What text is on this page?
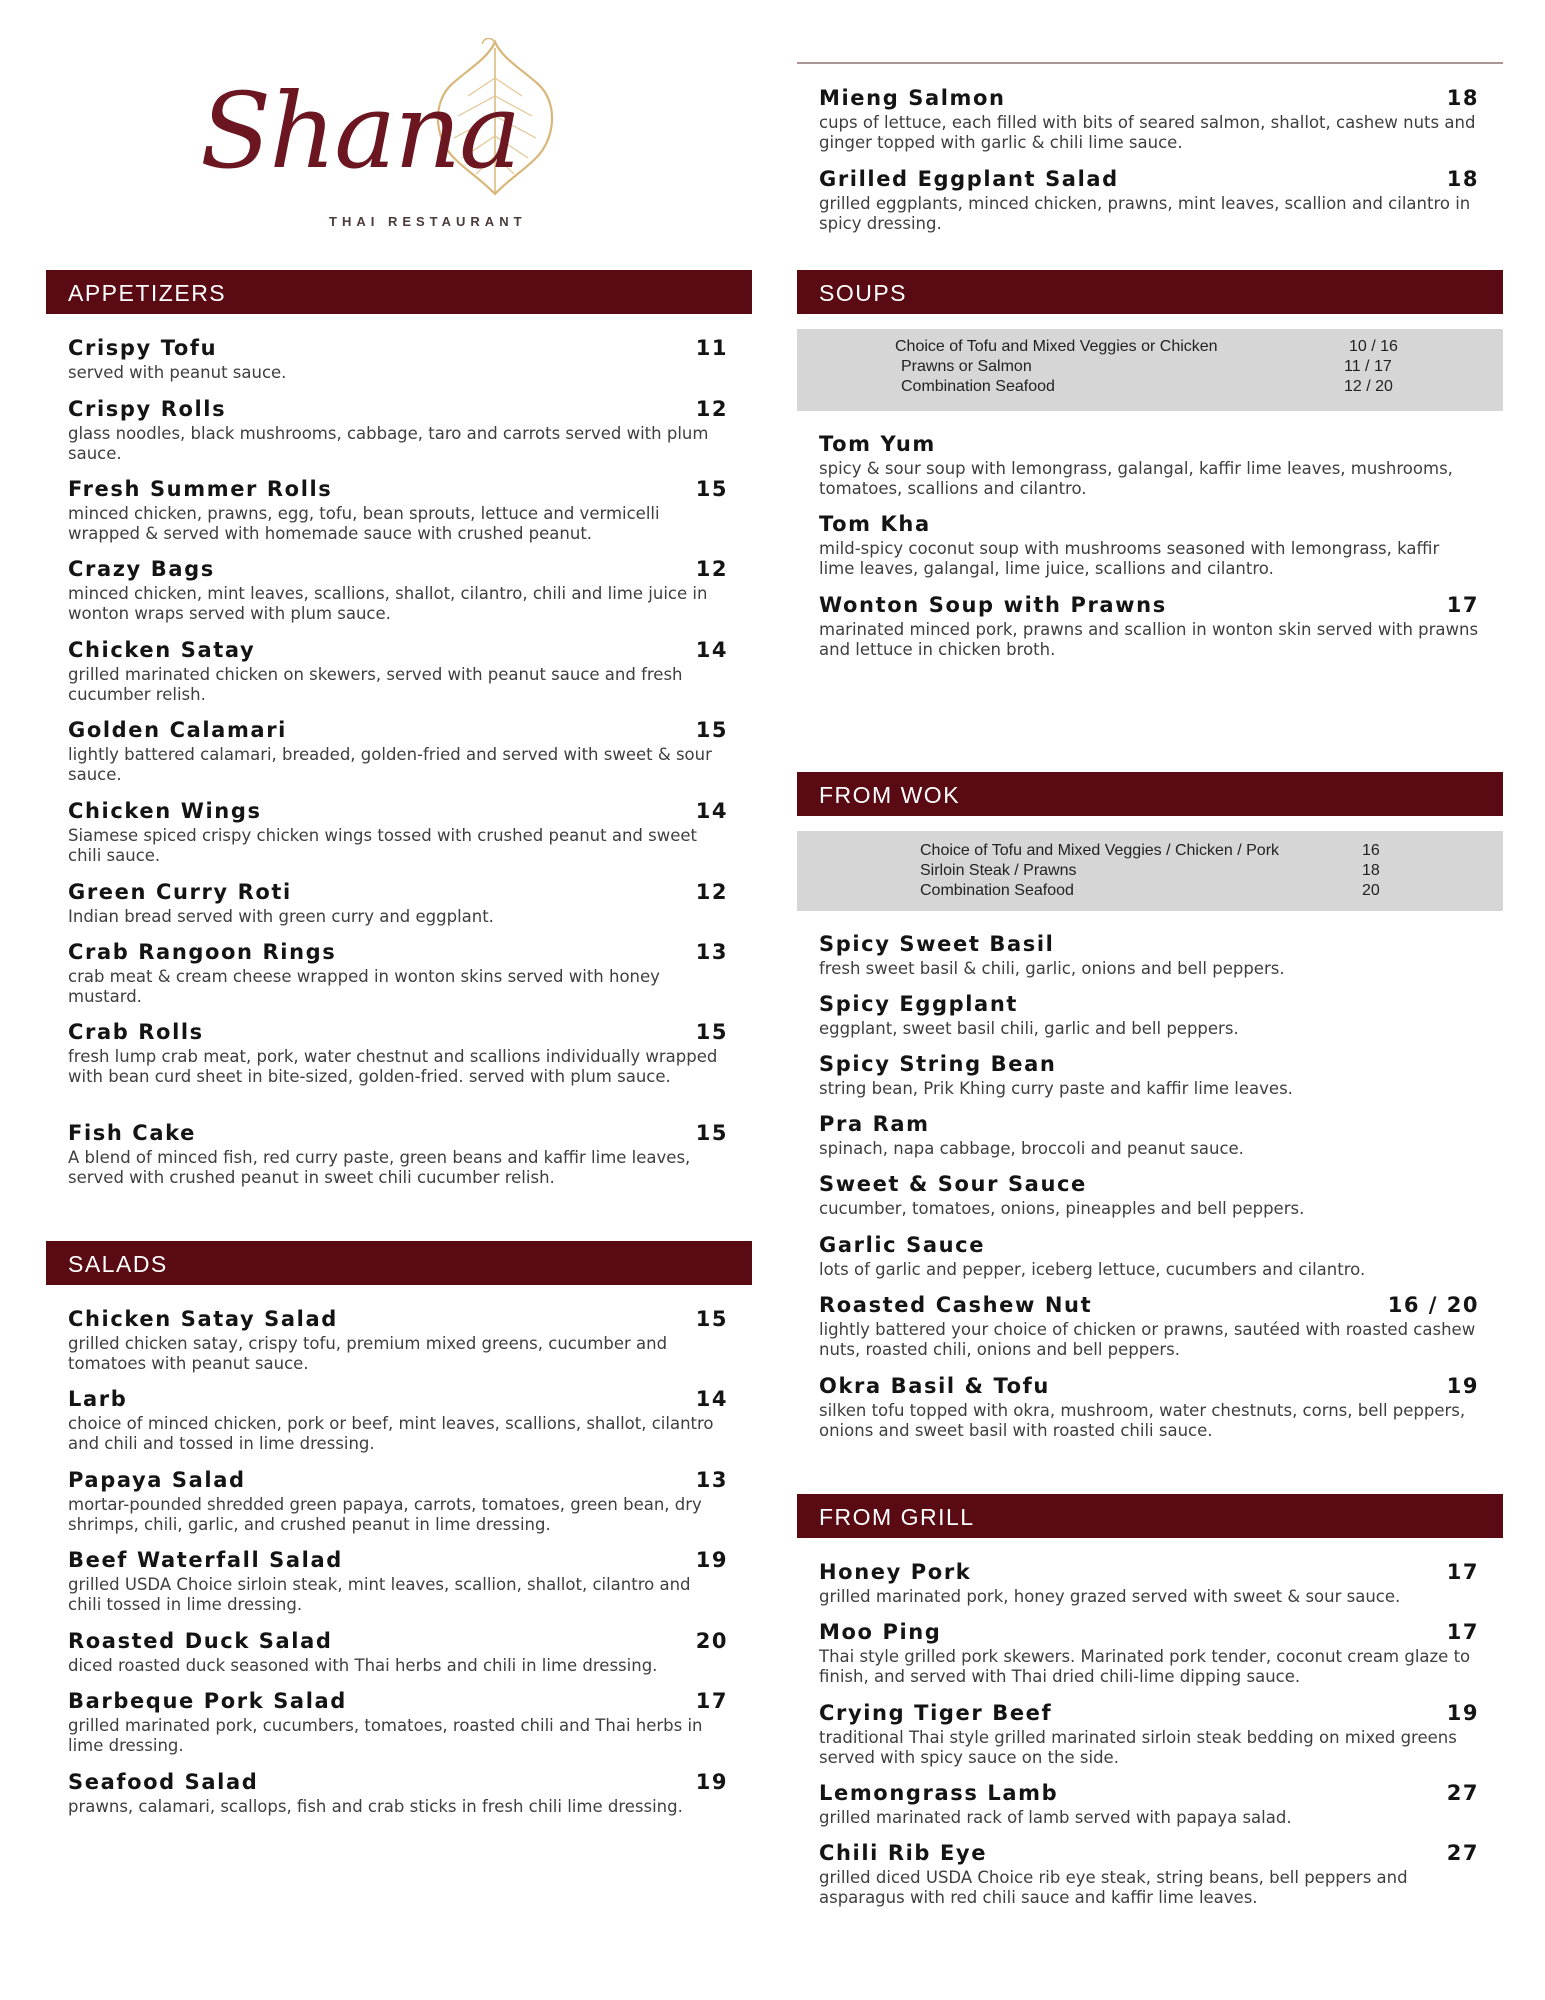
Shana
THAI RESTAURANT
APPETIZERS
Crispy Tofu	11
served with peanut sauce.
Crispy Rolls	12
glass noodles, black mushrooms, cabbage, taro and carrots served with plum sauce.
Fresh Summer Rolls	15
minced chicken, prawns, egg, tofu, bean sprouts, lettuce and vermicelli wrapped & served with homemade sauce with crushed peanut.
Crazy Bags	12
minced chicken, mint leaves, scallions, shallot, cilantro, chili and lime juice in wonton wraps served with plum sauce.
Chicken Satay	14
grilled marinated chicken on skewers, served with peanut sauce and fresh cucumber relish.
Golden Calamari	15
lightly battered calamari, breaded, golden-fried and served with sweet & sour sauce.
Chicken Wings	14
Siamese spiced crispy chicken wings tossed with crushed peanut and sweet chili sauce.
Green Curry Roti	12
Indian bread served with green curry and eggplant.
Crab Rangoon Rings	13
crab meat & cream cheese wrapped in wonton skins served with honey mustard.
Crab Rolls	15
fresh lump crab meat, pork, water chestnut and scallions individually wrapped with bean curd sheet in bite-sized, golden-fried. served with plum sauce.
Fish Cake	15
A blend of minced fish, red curry paste, green beans and kaffir lime leaves, served with crushed peanut in sweet chili cucumber relish.
SALADS
Chicken Satay Salad	15
grilled chicken satay, crispy tofu, premium mixed greens, cucumber and tomatoes with peanut sauce.
Larb	14
choice of minced chicken, pork or beef, mint leaves, scallions, shallot, cilantro and chili and tossed in lime dressing.
Papaya Salad	13
mortar-pounded shredded green papaya, carrots, tomatoes, green bean, dry shrimps, chili, garlic, and crushed peanut in lime dressing.
Beef Waterfall Salad	19
grilled USDA Choice sirloin steak, mint leaves, scallion, shallot, cilantro and chili tossed in lime dressing.
Roasted Duck Salad	20
diced roasted duck seasoned with Thai herbs and chili in lime dressing.
Barbeque Pork Salad	17
grilled marinated pork, cucumbers, tomatoes, roasted chili and Thai herbs in lime dressing.
Seafood Salad	19
prawns, calamari, scallops, fish and crab sticks in fresh chili lime dressing.
Mieng Salmon	18
cups of lettuce, each filled with bits of seared salmon, shallot, cashew nuts and ginger topped with garlic & chili lime sauce.
Grilled Eggplant Salad	18
grilled eggplants, minced chicken, prawns, mint leaves, scallion and cilantro in spicy dressing.
SOUPS
Choice of Tofu and Mixed Veggies or Chicken	10 / 16
Prawns or Salmon	11 / 17
Combination Seafood	12 / 20
Tom Yum
spicy & sour soup with lemongrass, galangal, kaffir lime leaves, mushrooms, tomatoes, scallions and cilantro.
Tom Kha
mild-spicy coconut soup with mushrooms seasoned with lemongrass, kaffir lime leaves, galangal, lime juice, scallions and cilantro.
Wonton Soup with Prawns	17
marinated minced pork, prawns and scallion in wonton skin served with prawns and lettuce in chicken broth.
FROM WOK
Choice of Tofu and Mixed Veggies / Chicken / Pork	16
Sirloin Steak / Prawns	18
Combination Seafood	20
Spicy Sweet Basil
fresh sweet basil & chili, garlic, onions and bell peppers.
Spicy Eggplant
eggplant, sweet basil chili, garlic and bell peppers.
Spicy String Bean
string bean, Prik Khing curry paste and kaffir lime leaves.
Pra Ram
spinach, napa cabbage, broccoli and peanut sauce.
Sweet & Sour Sauce
cucumber, tomatoes, onions, pineapples and bell peppers.
Garlic Sauce
lots of garlic and pepper, iceberg lettuce, cucumbers and cilantro.
Roasted Cashew Nut	16 / 20
lightly battered your choice of chicken or prawns, sautéed with roasted cashew nuts, roasted chili, onions and bell peppers.
Okra Basil & Tofu	19
silken tofu topped with okra, mushroom, water chestnuts, corns, bell peppers, onions and sweet basil with roasted chili sauce.
FROM GRILL
Honey Pork	17
grilled marinated pork, honey grazed served with sweet & sour sauce.
Moo Ping	17
Thai style grilled pork skewers. Marinated pork tender, coconut cream glaze to finish, and served with Thai dried chili-lime dipping sauce.
Crying Tiger Beef	19
traditional Thai style grilled marinated sirloin steak bedding on mixed greens served with spicy sauce on the side.
Lemongrass Lamb	27
grilled marinated rack of lamb served with papaya salad.
Chili Rib Eye	27
grilled diced USDA Choice rib eye steak, string beans, bell peppers and asparagus with red chili sauce and kaffir lime leaves.
